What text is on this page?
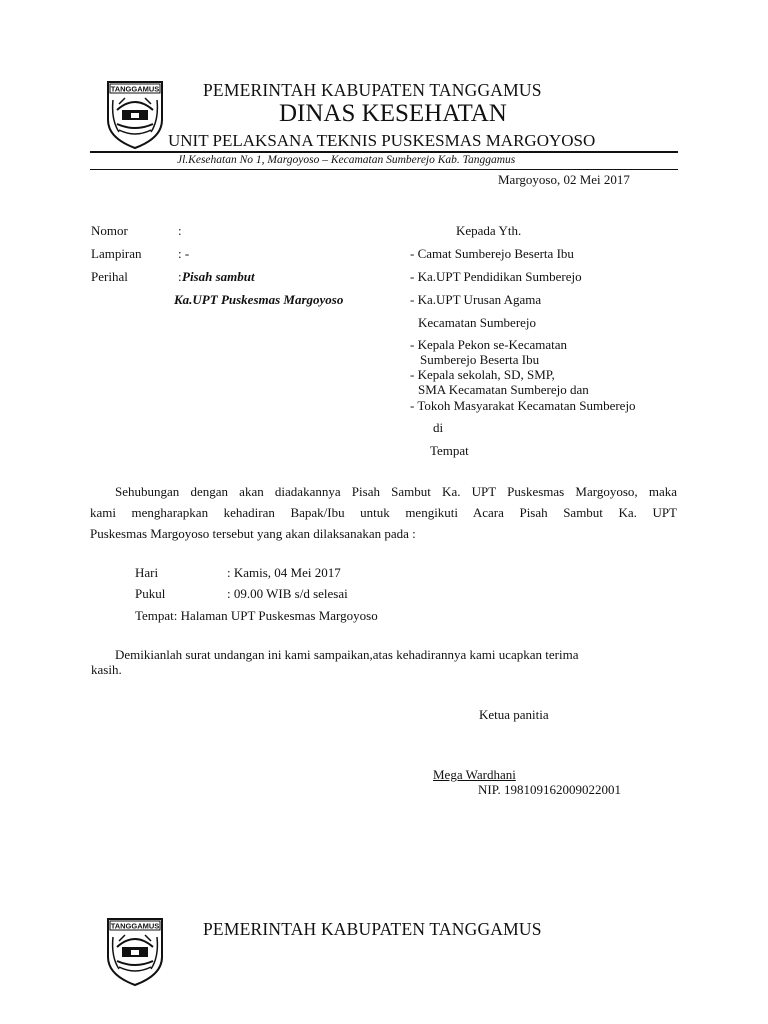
TANGGAMUS PEMERINTAH KABUPATEN TANGGAMUS
DINAS KESEHATAN
UNIT PELAKSANA TEKNIS PUSKESMAS MARGOYOSO
Jl.Kesehatan No 1, Margoyoso – Kecamatan Sumberejo Kab. Tanggamus
Margoyoso, 02 Mei 2017
Nomor	:
Lampiran	: -
Perihal	: Pisah sambut
Ka.UPT Puskesmas Margoyoso
Kepada Yth.
- Camat Sumberejo Beserta Ibu
- Ka.UPT Pendidikan Sumberejo
- Ka.UPT Urusan Agama
Kecamatan Sumberejo
- Kepala Pekon se-Kecamatan
Sumberejo Beserta Ibu
- Kepala sekolah, SD, SMP,
SMA Kecamatan Sumberejo dan
- Tokoh Masyarakat Kecamatan Sumberejo
di
Tempat
Sehubungan dengan akan diadakannya Pisah Sambut Ka. UPT Puskesmas Margoyoso, maka
kami mengharapkan kehadiran Bapak/Ibu untuk mengikuti Acara Pisah Sambut Ka. UPT
Puskesmas Margoyoso tersebut yang akan dilaksanakan pada :
Hari	: Kamis, 04 Mei 2017
Pukul	: 09.00 WIB s/d selesai
Tempat: Halaman UPT Puskesmas Margoyoso
Demikianlah surat undangan ini kami sampaikan,atas kehadirannya kami ucapkan terima
kasih.
Ketua panitia
Mega Wardhani
NIP. 198109162009022001
TANGGAMUS PEMERINTAH KABUPATEN TANGGAMUS
